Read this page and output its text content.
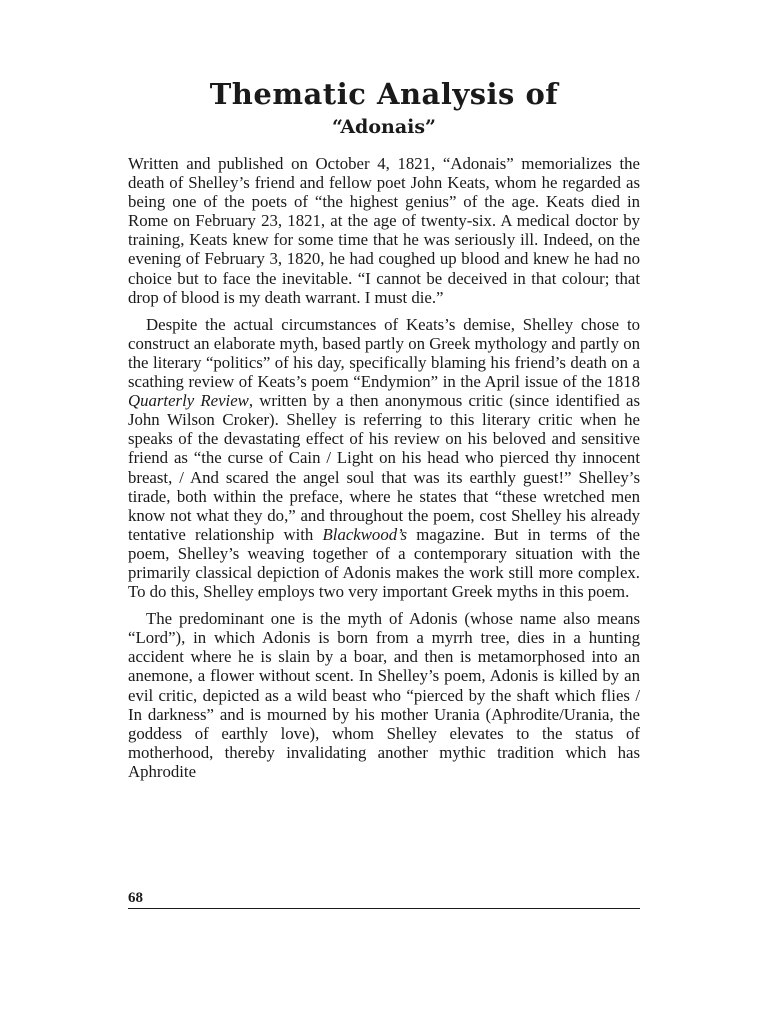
Thematic Analysis of
“Adonais”

Written and published on October 4, 1821, “Adonais” memorializes the death of Shelley’s friend and fellow poet John Keats, whom he regarded as being one of the poets of “the highest genius” of the age. Keats died in Rome on February 23, 1821, at the age of twenty-six. A medical doctor by training, Keats knew for some time that he was seriously ill. Indeed, on the evening of February 3, 1820, he had coughed up blood and knew he had no choice but to face the inevitable. “I cannot be deceived in that colour; that drop of blood is my death warrant. I must die.”

Despite the actual circumstances of Keats’s demise, Shelley chose to construct an elaborate myth, based partly on Greek mythology and partly on the literary “politics” of his day, specifically blaming his friend’s death on a scathing review of Keats’s poem “Endymion” in the April issue of the 1818 Quarterly Review, written by a then anonymous critic (since identified as John Wilson Croker). Shelley is referring to this literary critic when he speaks of the devastating effect of his review on his beloved and sensitive friend as “the curse of Cain / Light on his head who pierced thy innocent breast, / And scared the angel soul that was its earthly guest!” Shelley’s tirade, both within the preface, where he states that “these wretched men know not what they do,” and throughout the poem, cost Shelley his already tentative relationship with Blackwood’s magazine. But in terms of the poem, Shelley’s weaving together of a contemporary situation with the primarily classical depiction of Adonis makes the work still more complex. To do this, Shelley employs two very important Greek myths in this poem.

The predominant one is the myth of Adonis (whose name also means “Lord”), in which Adonis is born from a myrrh tree, dies in a hunting accident where he is slain by a boar, and then is metamorphosed into an anemone, a flower without scent. In Shelley’s poem, Adonis is killed by an evil critic, depicted as a wild beast who “pierced by the shaft which flies / In darkness” and is mourned by his mother Urania (Aphrodite/Urania, the goddess of earthly love), whom Shelley elevates to the status of motherhood, thereby invalidating another mythic tradition which has Aphrodite

68
